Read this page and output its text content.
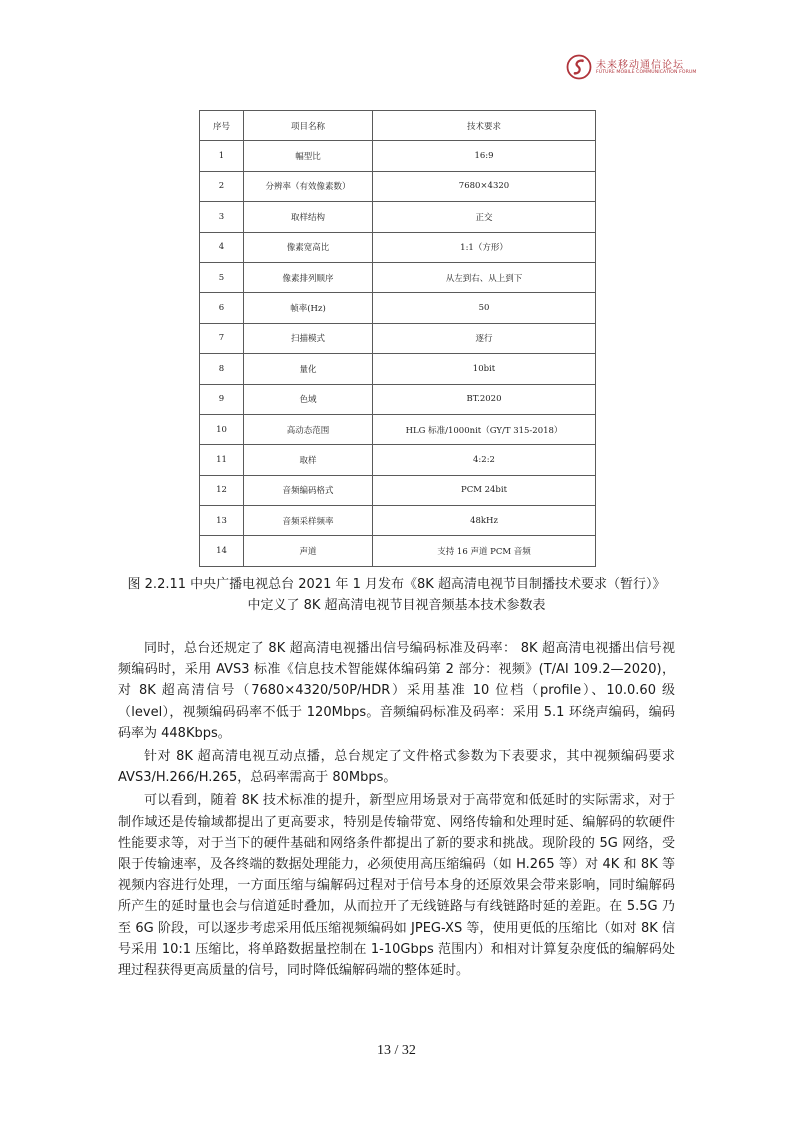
未来移动通信论坛
FUTURE MOBILE COMMUNICATION FORUM
序号	项目名称	技术要求
1	幅型比	16:9
2	分辨率（有效像素数）	7680×4320
3	取样结构	正交
4	像素宽高比	1:1（方形）
5	像素排列顺序	从左到右、从上到下
6	帧率(Hz)	50
7	扫描模式	逐行
8	量化	10bit
9	色域	BT.2020
10	高动态范围	HLG 标准/1000nit（GY/T 315-2018）
11	取样	4:2:2
12	音频编码格式	PCM 24bit
13	音频采样频率	48kHz
14	声道	支持 16 声道 PCM 音频
图 2.2.11 中央广播电视总台 2021 年 1 月发布《8K 超高清电视节目制播技术要求（暂行）》
中定义了 8K 超高清电视节目视音频基本技术参数表

同时，总台还规定了 8K 超高清电视播出信号编码标准及码率： 8K 超高清电视播出信号视频编码时，采用 AVS3 标准《信息技术智能媒体编码第 2 部分：视频》(T/AI 109.2—2020)，对 8K 超高清信号（7680×4320/50P/HDR）采用基准 10 位档（profile）、10.0.60 级（level），视频编码码率不低于 120Mbps。音频编码标准及码率：采用 5.1 环绕声编码，编码码率为 448Kbps。

针对 8K 超高清电视互动点播，总台规定了文件格式参数为下表要求，其中视频编码要求 AVS3/H.266/H.265，总码率需高于 80Mbps。

可以看到，随着 8K 技术标准的提升，新型应用场景对于高带宽和低延时的实际需求，对于制作域还是传输域都提出了更高要求，特别是传输带宽、网络传输和处理时延、编解码的软硬件性能要求等，对于当下的硬件基础和网络条件都提出了新的要求和挑战。现阶段的 5G 网络，受限于传输速率，及各终端的数据处理能力，必须使用高压缩编码（如 H.265 等）对 4K 和 8K 等视频内容进行处理，一方面压缩与编解码过程对于信号本身的还原效果会带来影响，同时编解码所产生的延时量也会与信道延时叠加，从而拉开了无线链路与有线链路时延的差距。在 5.5G 乃至 6G 阶段，可以逐步考虑采用低压缩视频编码如 JPEG-XS 等，使用更低的压缩比（如对 8K 信号采用 10:1 压缩比，将单路数据量控制在 1-10Gbps 范围内）和相对计算复杂度低的编解码处理过程获得更高质量的信号，同时降低编解码端的整体延时。

13 / 32
